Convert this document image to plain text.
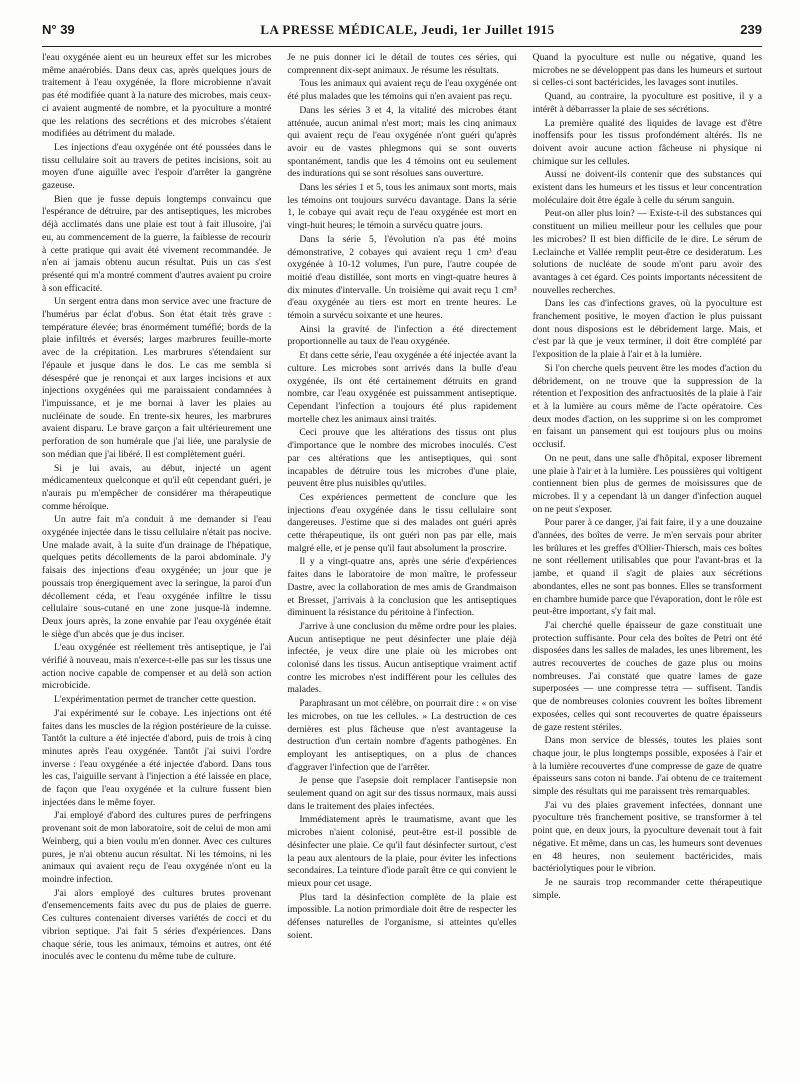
N° 39	LA PRESSE MÉDICALE, Jeudi, 1er Juillet 1915	239

l'eau oxygénée aient eu un heureux effet sur les microbes même anaérobiés. Dans deux cas, après quelques jours de traitement à l'eau oxygénée, la flore microbienne n'avait pas été modifiée quant à la nature des microbes, mais ceux-ci avaient augmenté de nombre, et la pyoculture a montré que les relations des secrétions et des microbes s'étaient modifiées au détriment du malade.

Les injections d'eau oxygénée ont été poussées dans le tissu cellulaire soit au travers de petites incisions, soit au moyen d'une aiguille avec l'espoir d'arrêter la gangrène gazeuse.

Bien que je fusse depuis longtemps convaincu que l'espérance de détruire, par des antiseptiques, les microbes déjà acclimatés dans une plaie est tout à fait illusoire, j'ai eu, au commencement de la guerre, la faiblesse de recourir à cette pratique qui avait été vivement recommandée. Je n'en ai jamais obtenu aucun résultat. Puis un cas s'est présenté qui m'a montré comment d'autres avaient pu croire à son efficacité.

Un sergent entra dans mon service avec une fracture de l'humérus par éclat d'obus. Son état était très grave : température élevée; bras énormément tuméfié; bords de la plaie infiltrés et éversés; larges marbrures feuille-morte avec de la crépitation. Les marbrures s'étendaient sur l'épaule et jusque dans le dos. Le cas me sembla si désespéré que je renonçai et aux larges incisions et aux injections oxygénées qui me paraissaient condamnées à l'impuissance, et je me bornai à laver les plaies au nucléinate de soude. En trente-six heures, les marbrures avaient disparu. Le brave garçon a fait ultérieurement une perforation de son humérale que j'ai liée, une paralysie de son médian que j'ai libéré. Il est complètement guéri.

Si je lui avais, au début, injecté un agent médicamenteux quelconque et qu'il eût cependant guéri, je n'aurais pu m'empêcher de considérer ma thérapeutique comme héroïque.

Un autre fait m'a conduit à me demander si l'eau oxygénée injectée dans le tissu cellulaire n'était pas nocive. Une malade avait, à la suite d'un drainage de l'hépatique, quelques petits décollements de la paroi abdominale. J'y faisais des injections d'eau oxygénée; un jour que je poussais trop énergiquement avec la seringue, la paroi d'un décollement céda, et l'eau oxygénée infiltre le tissu cellulaire sous-cutané en une zone jusque-là indemne. Deux jours après, la zone envahie par l'eau oxygénée était le siège d'un abcès que je dus inciser.

L'eau oxygénée est réellement très antiseptique, je l'ai vérifié à nouveau, mais n'exerce-t-elle pas sur les tissus une action nocive capable de compenser et au delà son action microbicide.

L'expérimentation permet de trancher cette question.

J'ai expérimenté sur le cobaye. Les injections ont été faites dans les muscles de la région postérieure de la cuisse. Tantôt la culture a été injectée d'abord, puis de trois à cinq minutes après l'eau oxygénée. Tantôt j'ai suivi l'ordre inverse : l'eau oxygénée a été injectée d'abord. Dans tous les cas, l'aiguille servant à l'injection a été laissée en place, de façon que l'eau oxygénée et la culture fussent bien injectées dans le même foyer.

J'ai employé d'abord des cultures pures de perfringens provenant soit de mon laboratoire, soit de celui de mon ami Weinberg, qui a bien voulu m'en donner. Avec ces cultures pures, je n'ai obtenu aucun résultat. Ni les témoins, ni les animaux qui avaient reçu de l'eau oxygénée n'ont eu la moindre infection.

J'ai alors employé des cultures brutes provenant d'ensemencements faits avec du pus de plaies de guerre. Ces cultures contenaient diverses variétés de cocci et du vibrion septique. J'ai fait 5 séries d'expériences. Dans chaque série, tous les animaux, témoins et autres, ont été inoculés avec le contenu du même tube de culture.

Je ne puis donner ici le détail de toutes ces séries, qui comprennent dix-sept animaux. Je résume les résultats.

Tous les animaux qui avaient reçu de l'eau oxygénée ont été plus malades que les témoins qui n'en avaient pas reçu.

Dans les séries 3 et 4, la vitalité des microbes étant atténuée, aucun animal n'est mort; mais les cinq animaux qui avaient reçu de l'eau oxygénée n'ont guéri qu'après avoir eu de vastes phlegmons qui se sont ouverts spontanément, tandis que les 4 témoins ont eu seulement des indurations qui se sont résolues sans ouverture.

Dans les séries 1 et 5, tous les animaux sont morts, mais les témoins ont toujours survécu davantage. Dans la série 1, le cobaye qui avait reçu de l'eau oxygénée est mort en vingt-huit heures; le témoin a survécu quatre jours.

Dans la série 5, l'évolution n'a pas été moins démonstrative, 2 cobayes qui avaient reçu 1 cm³ d'eau oxygénée à 10-12 volumes, l'un pure, l'autre coupée de moitié d'eau distillée, sont morts en vingt-quatre heures à dix minutes d'intervalle. Un troisième qui avait reçu 1 cm³ d'eau oxygénée au tiers est mort en trente heures. Le témoin a survécu soixante et une heures.

Ainsi la gravité de l'infection a été directement proportionnelle au taux de l'eau oxygénée.

Et dans cette série, l'eau oxygénée a été injectée avant la culture. Les microbes sont arrivés dans la bulle d'eau oxygénée, ils ont été certainement détruits en grand nombre, car l'eau oxygénée est puissamment antiseptique. Cependant l'infection a toujours été plus rapidement mortelle chez les animaux ainsi traités.

Ceci prouve que les altérations des tissus ont plus d'importance que le nombre des microbes inoculés. C'est par ces altérations que les antiseptiques, qui sont incapables de détruire tous les microbes d'une plaie, peuvent être plus nuisibles qu'utiles.

Ces expériences permettent de conclure que les injections d'eau oxygénée dans le tissu cellulaire sont dangereuses. J'estime que si des malades ont guéri après cette thérapeutique, ils ont guéri non pas par elle, mais malgré elle, et je pense qu'il faut absolument la proscrire.

Il y a vingt-quatre ans, après une série d'expériences faites dans le laboratoire de mon maître, le professeur Dastre, avec la collaboration de mes amis de Grandmaison et Bresset, j'arrivais à la conclusion que les antiseptiques diminuent la résistance du péritoine à l'infection.

J'arrive à une conclusion du même ordre pour les plaies. Aucun antiseptique ne peut désinfecter une plaie déjà infectée, je veux dire une plaie où les microbes ont colonisé dans les tissus. Aucun antiseptique vraiment actif contre les microbes n'est indifférent pour les cellules des malades.

Paraphrasant un mot célèbre, on pourrait dire : « on vise les microbes, on tue les cellules. » La destruction de ces dernières est plus fâcheuse que n'est avantageuse la destruction d'un certain nombre d'agents pathogènes. En employant les antiseptiques, on a plus de chances d'aggraver l'infection que de l'arrêter.

Je pense que l'asepsie doit remplacer l'antisepsie non seulement quand on agit sur des tissus normaux, mais aussi dans le traitement des plaies infectées.

Immédiatement après le traumatisme, avant que les microbes n'aient colonisé, peut-être est-il possible de désinfecter une plaie. Ce qu'il faut désinfecter surtout, c'est la peau aux alentours de la plaie, pour éviter les infections secondaires. La teinture d'iode paraît être ce qui convient le mieux pour cet usage.

Plus tard la désinfection complète de la plaie est impossible. La notion primordiale doit être de respecter les défenses naturelles de l'organisme, si atteintes qu'elles soient.

Quand la pyoculture est nulle ou négative, quand les microbes ne se développent pas dans les humeurs et surtout si celles-ci sont bactéricides, les lavages sont inutiles.

Quand, au contraire, la pyoculture est positive, il y a intérêt à débarrasser la plaie de ses sécrétions.

La première qualité des liquides de lavage est d'être inoffensifs pour les tissus profondément altérés. Ils ne doivent avoir aucune action fâcheuse ni physique ni chimique sur les cellules.

Aussi ne doivent-ils contenir que des substances qui existent dans les humeurs et les tissus et leur concentration moléculaire doit être égale à celle du sérum sanguin.

Peut-on aller plus loin? — Existe-t-il des substances qui constituent un milieu meilleur pour les cellules que pour les microbes? Il est bien difficile de le dire. Le sérum de Leclainche et Vallée remplit peut-être ce desideratum. Les solutions de nucléate de soude m'ont paru avoir des avantages à cet égard. Ces points importants nécessitent de nouvelles recherches.

Dans les cas d'infections graves, où la pyoculture est franchement positive, le moyen d'action le plus puissant dont nous disposions est le débridement large. Mais, et c'est par là que je veux terminer, il doit être complété par l'exposition de la plaie à l'air et à la lumière.

Si l'on cherche quels peuvent être les modes d'action du débridement, on ne trouve que la suppression de la rétention et l'exposition des anfractuosités de la plaie à l'air et à la lumière au cours même de l'acte opératoire. Ces deux modes d'action, on les supprime si on les compromet en faisant un pansement qui est toujours plus ou moins occlusif.

On ne peut, dans une salle d'hôpital, exposer librement une plaie à l'air et à la lumière. Les poussières qui voltigent contiennent bien plus de germes de moisissures que de microbes. Il y a cependant là un danger d'infection auquel on ne peut s'exposer.

Pour parer à ce danger, j'ai fait faire, il y a une douzaine d'années, des boîtes de verre. Je m'en servais pour abriter les brûlures et les greffes d'Ollier-Thiersch, mais ces boîtes ne sont réellement utilisables que pour l'avant-bras et la jambe, et quand il s'agit de plaies aux sécrétions abondantes, elles ne sont pas bonnes. Elles se transforment en chambre humide parce que l'évaporation, dont le rôle est peut-être important, s'y fait mal.

J'ai cherché quelle épaisseur de gaze constituait une protection suffisante. Pour cela des boîtes de Petri ont été disposées dans les salles de malades, les unes librement, les autres recouvertes de couches de gaze plus ou moins nombreuses. J'ai constaté que quatre lames de gaze superposées — une compresse tetra — suffisent. Tandis que de nombreuses colonies couvrent les boîtes librement exposées, celles qui sont recouvertes de quatre épaisseurs de gaze restent stériles.

Dans mon service de blessés, toutes les plaies sont chaque jour, le plus longtemps possible, exposées à l'air et à la lumière recouvertes d'une compresse de gaze de quatre épaisseurs sans coton ni bande. J'ai obtenu de ce traitement simple des résultats qui me paraissent très remarquables.

J'ai vu des plaies gravement infectées, donnant une pyoculture très franchement positive, se transformer à tel point que, en deux jours, la pyoculture devenait tout à fait négative. Et même, dans un cas, les humeurs sont devenues en 48 heures, non seulement bactéricides, mais bactériolytiques pour le vibrion.

Je ne saurais trop recommander cette thérapeutique simple.
